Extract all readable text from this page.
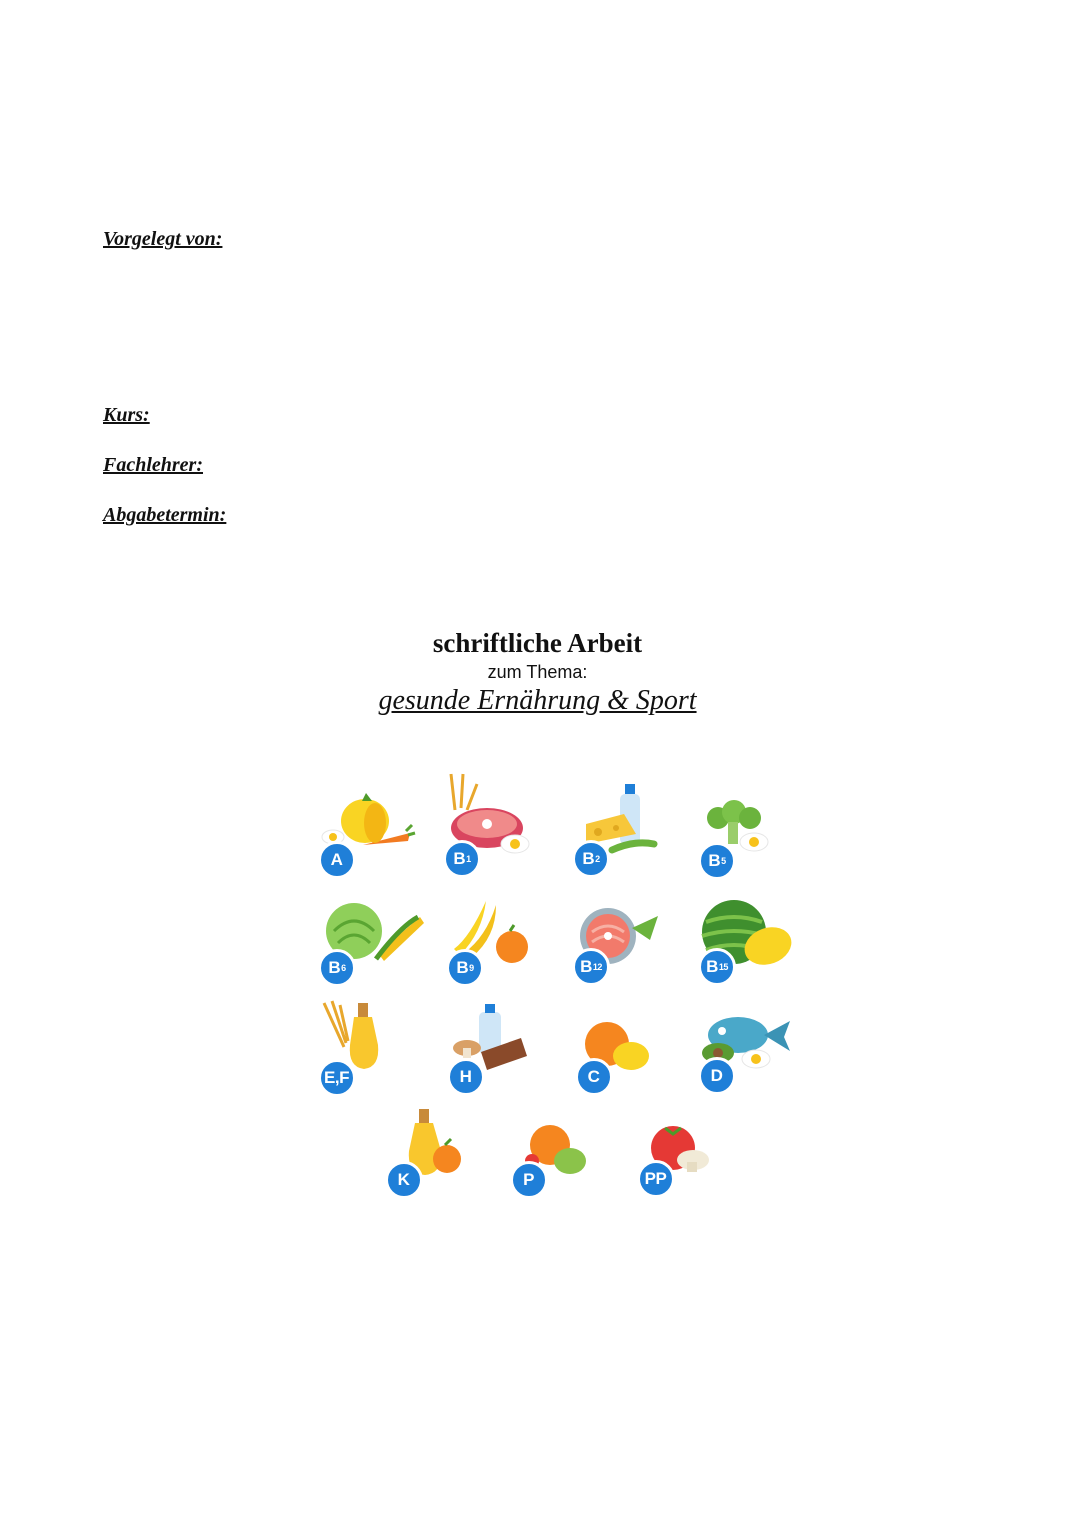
Vorgelegt von:

Kurs:

Fachlehrer:

Abgabetermin:

schriftliche Arbeit

zum Thema:

gesunde Ernährung & Sport

A	B 1	B 2	B 5
B 6	B 9	B 12	B 15
E,F	H	C	D
K	P	PP
